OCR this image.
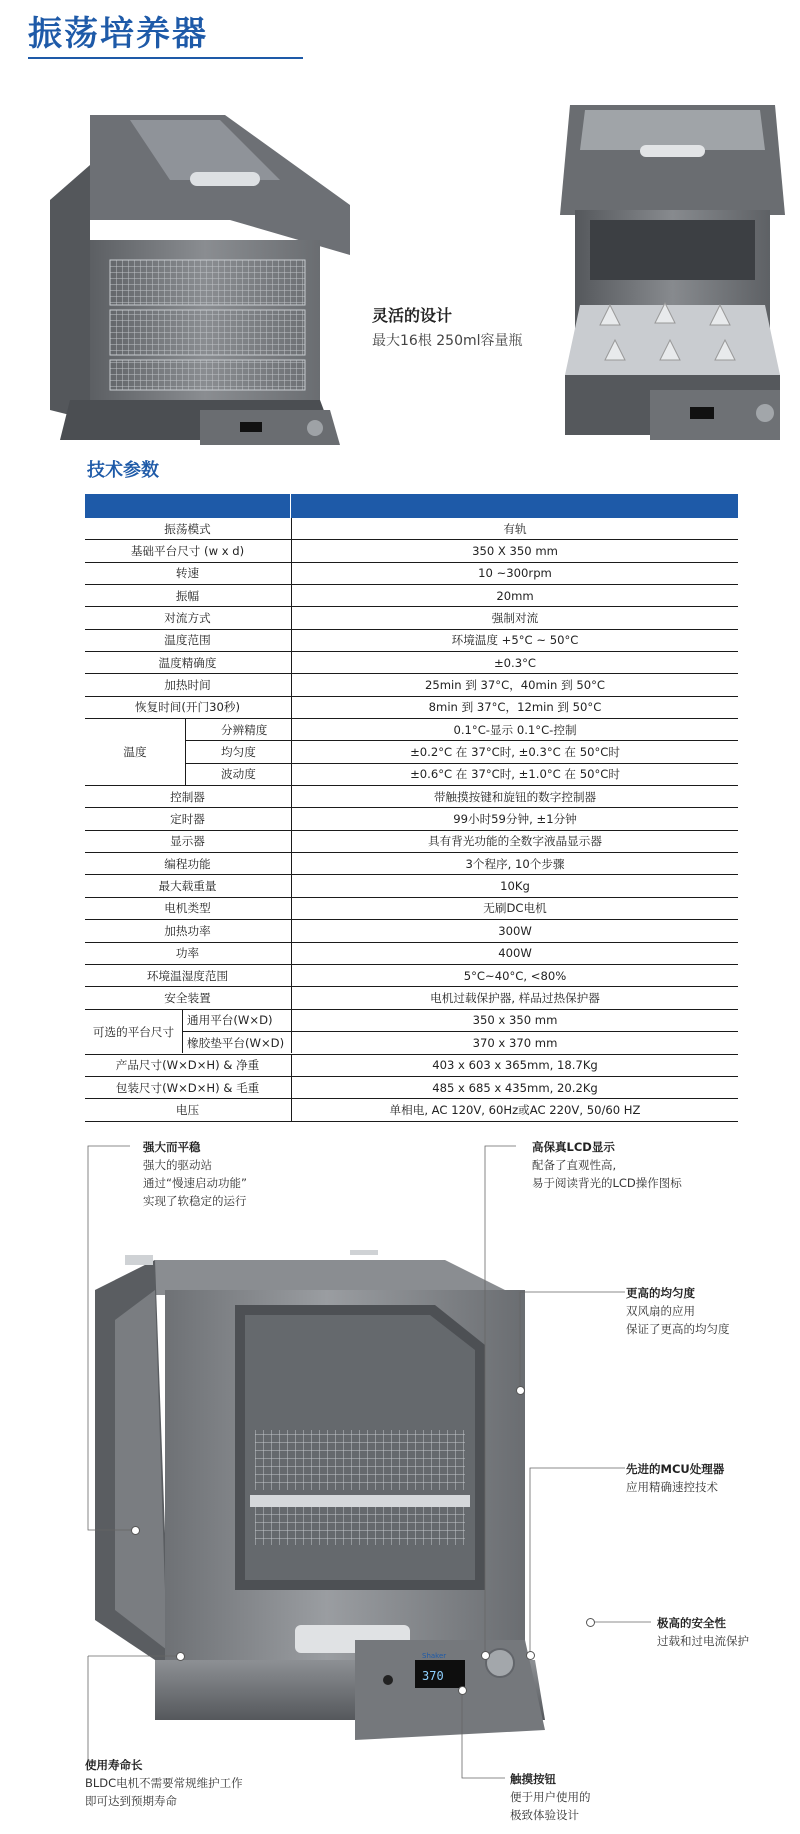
振荡培养器
灵活的设计
最大16根 250ml容量瓶
技术参数
振荡模式	有轨
基础平台尺寸 (w x d)	350 X 350 mm
转速	10 ~300rpm
振幅	20mm
对流方式	强制对流
温度范围	环境温度 +5°C ~ 50°C
温度精确度	±0.3°C
加热时间	25min 到 37°C，40min 到 50°C
恢复时间(开门30秒)	8min 到 37°C，12min 到 50°C
温度
分辨精度	0.1°C-显示 0.1°C-控制
均匀度	±0.2°C 在 37°C时, ±0.3°C 在 50°C时
波动度	±0.6°C 在 37°C时, ±1.0°C 在 50°C时
控制器	带触摸按键和旋钮的数字控制器
定时器	99小时59分钟, ±1分钟
显示器	具有背光功能的全数字液晶显示器
编程功能	3个程序, 10个步骤
最大载重量	10Kg
电机类型	无刷DC电机
加热功率	300W
功率	400W
环境温湿度范围	5°C~40°C, <80%
安全装置	电机过载保护器, 样品过热保护器
可选的平台尺寸
通用平台(W×D)	350 x 350 mm
橡胶垫平台(W×D)	370 x 370 mm
产品尺寸(W×D×H) & 净重	403 x 603 x 365mm, 18.7Kg
包装尺寸(W×D×H) & 毛重	485 x 685 x 435mm, 20.2Kg
电压	单相电, AC 120V, 60Hz或AC 220V, 50/60 HZ
370
Shaker
强大而平稳
强大的驱动站
通过“慢速启动功能”
实现了软稳定的运行
高保真LCD显示
配备了直观性高,
易于阅读背光的LCD操作图标
更高的均匀度
双风扇的应用
保证了更高的均匀度
先进的MCU处理器
应用精确速控技术
极高的安全性
过载和过电流保护
使用寿命长
BLDC电机不需要常规维护工作
即可达到预期寿命
触摸按钮
便于用户使用的
极致体验设计
